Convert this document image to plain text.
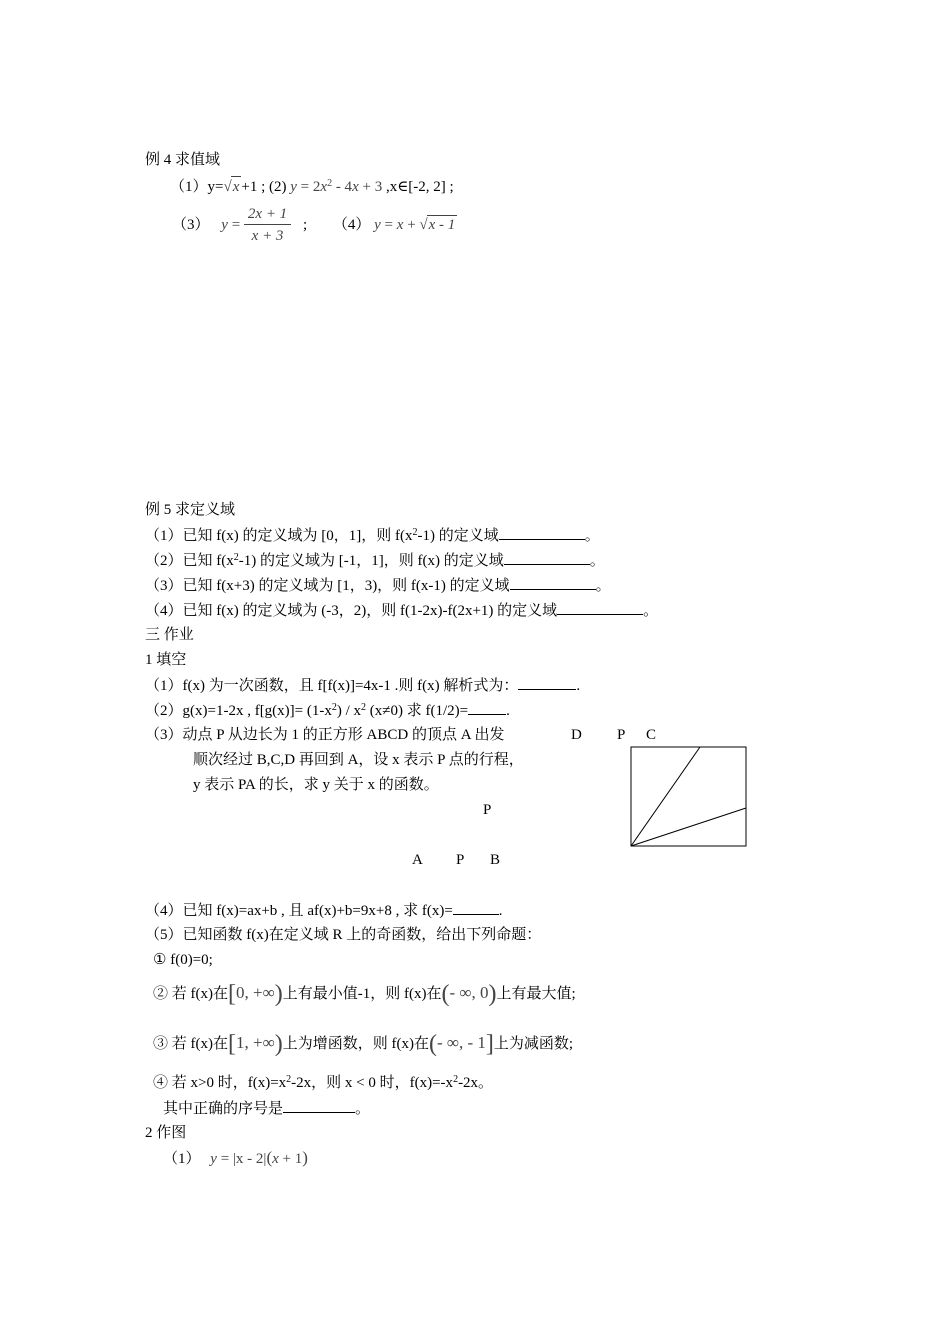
例 4 求值域
（1）y=√x +1 ; (2) $y = 2x^2 - 4x + 3$ ,x∈[-2, 2] ;
（3） $y = \frac{2x + 1}{x + 3}$ ; （4） y = x + √x - 1
例 5 求定义域
（1）已知 f(x) 的定义域为 [0，1]，则 $f(x^2-1)$ 的定义域	。
（2）已知 $f(x^2-1)$ 的定义域为 [-1，1]，则 f(x) 的定义域	。
（3）已知 f(x+3) 的定义域为 [1，3)，则 f(x-1) 的定义域	。
（4）已知 f(x) 的定义域为 (-3，2)，则 f(1-2x)-f(2x+1) 的定义域	。
三 作业
1 填空
（1）f(x) 为一次函数，且 f[f(x)]=4x-1 .则 f(x) 解析式为：	.
（2）g(x)=1-2x , $f[g(x)]= (1-x^2) / x^2$ (x≠0) 求 f(1/2)=	.
（3）动点 P 从边长为 1 的正方形 ABCD 的顶点 A 出发
顺次经过 B,C,D 再回到 A，设 x 表示 P 点的行程，
y 表示 PA 的长，求 y 关于 x 的函数。
D P C
P
A P B
（4）已知 f(x)=ax+b , 且 af(x)+b=9x+8 , 求 f(x)=	.
（5）已知函数 f(x)在定义域 R 上的奇函数，给出下列命题：
① f(0)=0;
② 若 f(x)在[0, +∞)上有最小值-1，则 f(x)在(- ∞, 0)上有最大值;
③ 若 f(x)在[1, +∞)上为增函数，则 f(x)在(- ∞, - 1]上为减函数;
④ 若 x>0 时，$f(x)=x^2-2x$，则 x < 0 时，$f(x)=-x^2-2x$。
其中正确的序号是	。
2 作图
（1） y = |x - 2|(x + 1)
